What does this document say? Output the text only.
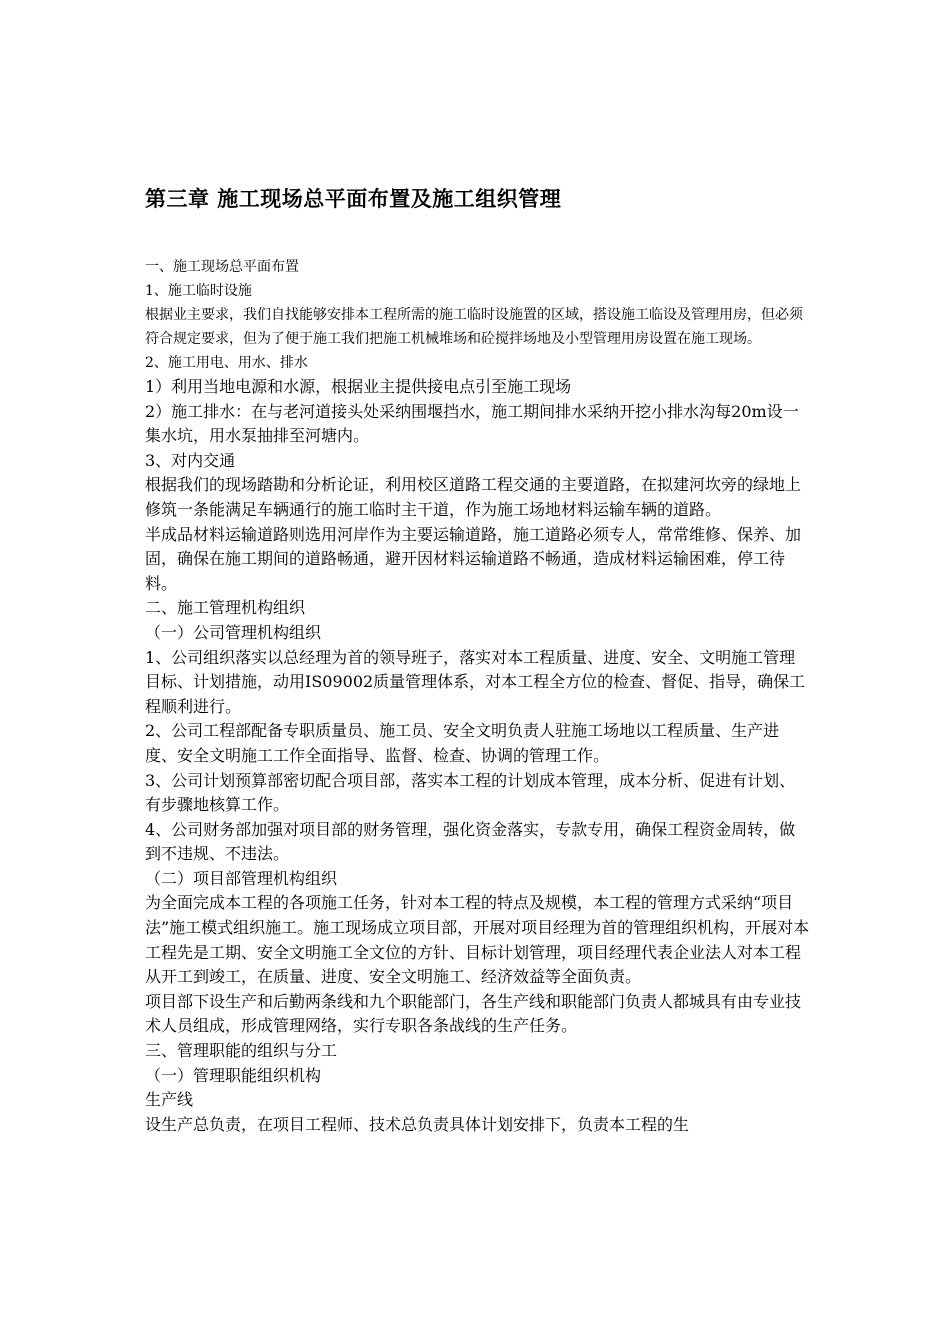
第三章 施工现场总平面布置及施工组织管理

一、施工现场总平面布置

1、施工临时设施

根据业主要求，我们自找能够安排本工程所需的施工临时设施置的区域，搭设施工临设及管理用房，但必须符合规定要求，但为了便于施工我们把施工机械堆场和砼搅拌场地及小型管理用房设置在施工现场。

2、施工用电、用水、排水

1）利用当地电源和水源，根据业主提供接电点引至施工现场

2）施工排水：在与老河道接头处采纳围堰挡水，施工期间排水采纳开挖小排水沟每20m设一集水坑，用水泵抽排至河塘内。

3、对内交通

根据我们的现场踏勘和分析论证，利用校区道路工程交通的主要道路，在拟建河坎旁的绿地上修筑一条能满足车辆通行的施工临时主干道，作为施工场地材料运输车辆的道路。

半成品材料运输道路则选用河岸作为主要运输道路，施工道路必须专人，常常维修、保养、加固，确保在施工期间的道路畅通，避开因材料运输道路不畅通，造成材料运输困难，停工待料。

二、施工管理机构组织

（一）公司管理机构组织

1、公司组织落实以总经理为首的领导班子，落实对本工程质量、进度、安全、文明施工管理目标、计划措施，动用IS09002质量管理体系，对本工程全方位的检查、督促、指导，确保工程顺利进行。

2、公司工程部配备专职质量员、施工员、安全文明负责人驻施工场地以工程质量、生产进度、安全文明施工工作全面指导、监督、检查、协调的管理工作。

3、公司计划预算部密切配合项目部，落实本工程的计划成本管理，成本分析、促进有计划、有步骤地核算工作。

4、公司财务部加强对项目部的财务管理，强化资金落实，专款专用，确保工程资金周转，做到不违规、不违法。

（二）项目部管理机构组织

为全面完成本工程的各项施工任务，针对本工程的特点及规模，本工程的管理方式采纳“项目法”施工模式组织施工。施工现场成立项目部，开展对项目经理为首的管理组织机构，开展对本工程先是工期、安全文明施工全文位的方针、目标计划管理，项目经理代表企业法人对本工程从开工到竣工，在质量、进度、安全文明施工、经济效益等全面负责。

项目部下设生产和后勤两条线和九个职能部门，各生产线和职能部门负责人都城具有由专业技术人员组成，形成管理网络，实行专职各条战线的生产任务。

三、管理职能的组织与分工

（一）管理职能组织机构

生产线

设生产总负责，在项目工程师、技术总负责具体计划安排下，负责本工程的生
